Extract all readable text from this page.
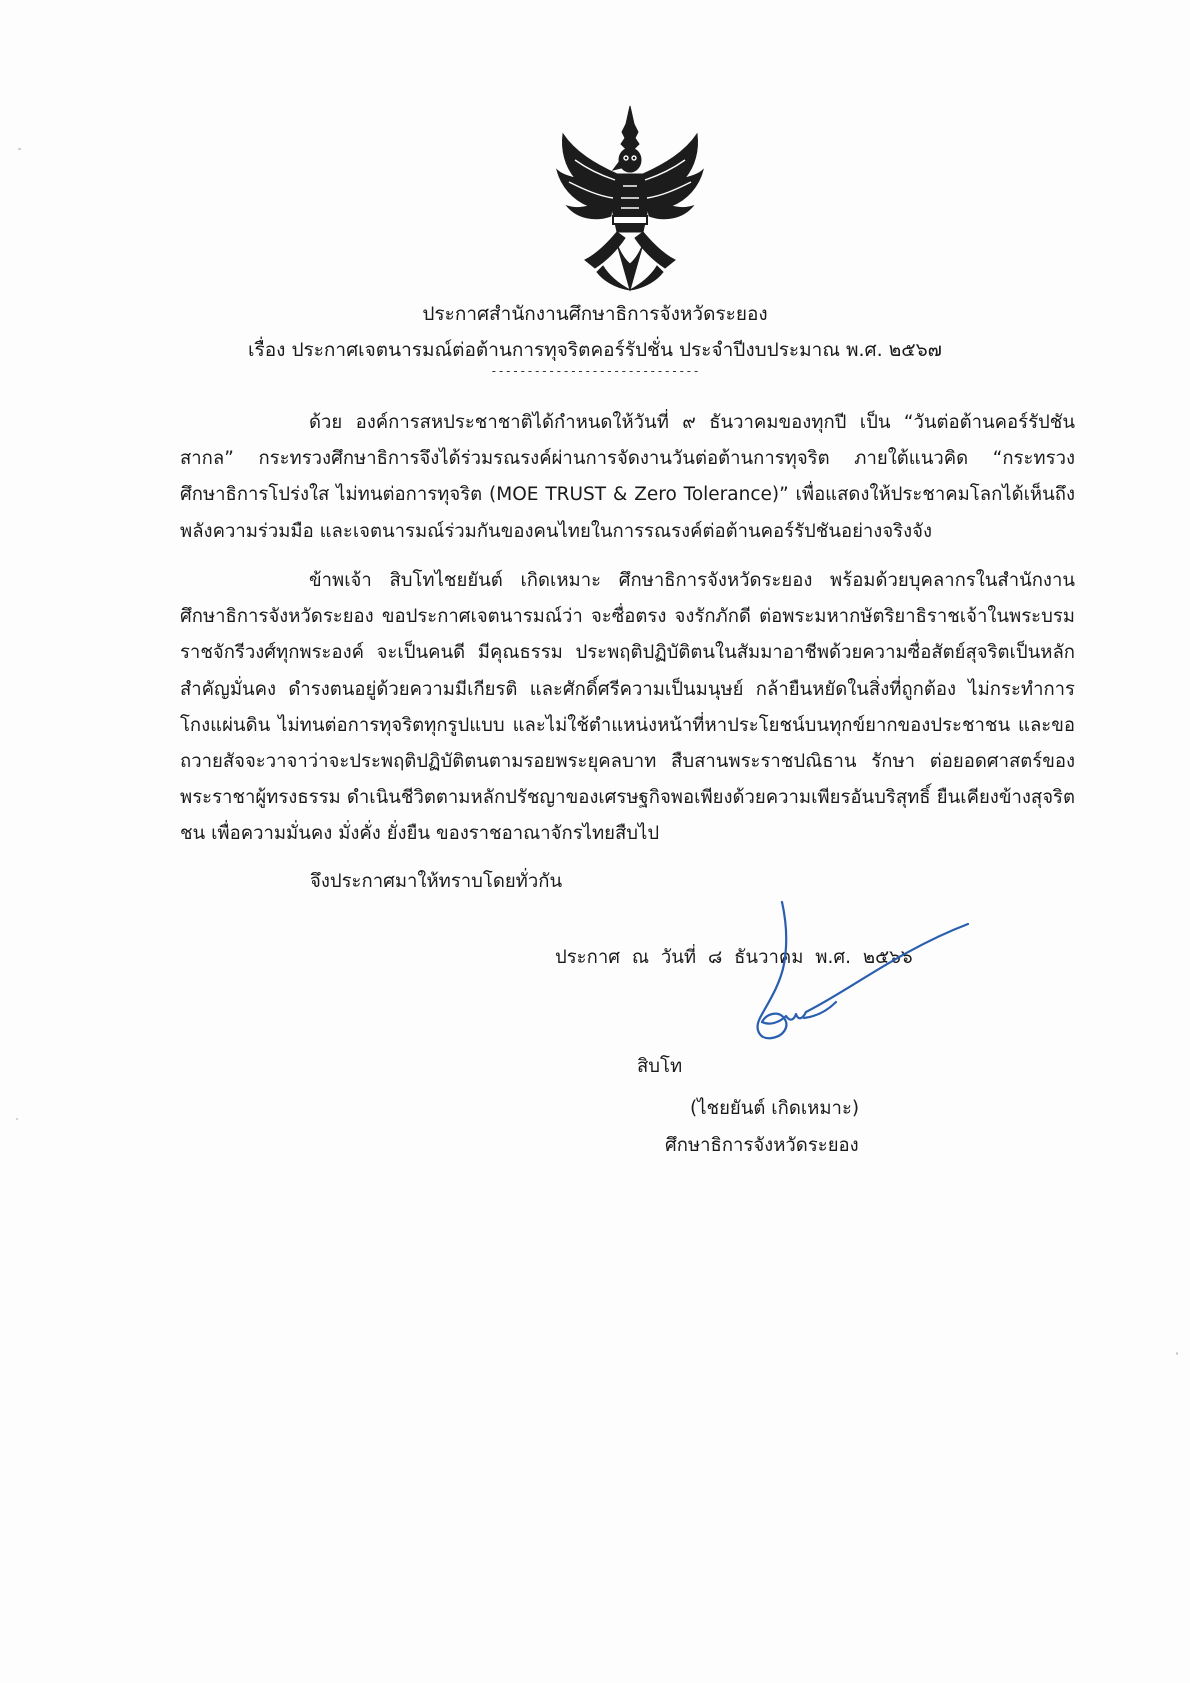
ประกาศสำนักงานศึกษาธิการจังหวัดระยอง
เรื่อง ประกาศเจตนารมณ์ต่อต้านการทุจริตคอร์รัปชั่น ประจำปีงบประมาณ พ.ศ. ๒๕๖๗
-----------------------------
ด้วย องค์การสหประชาชาติได้กำหนดให้วันที่ ๙ ธันวาคมของทุกปี เป็น “วันต่อต้านคอร์รัปชันสากล” กระทรวงศึกษาธิการจึงได้ร่วมรณรงค์ผ่านการจัดงานวันต่อต้านการทุจริต ภายใต้แนวคิด “กระทรวงศึกษาธิการโปร่งใส ไม่ทนต่อการทุจริต (MOE TRUST & Zero Tolerance)” เพื่อแสดงให้ประชาคมโลกได้เห็นถึงพลังความร่วมมือ และเจตนารมณ์ร่วมกันของคนไทยในการรณรงค์ต่อต้านคอร์รัปชันอย่างจริงจัง
ข้าพเจ้า สิบโทไชยยันต์ เกิดเหมาะ ศึกษาธิการจังหวัดระยอง พร้อมด้วยบุคลากรในสำนักงานศึกษาธิการจังหวัดระยอง ขอประกาศเจตนารมณ์ว่า จะซื่อตรง จงรักภักดี ต่อพระมหากษัตริยาธิราชเจ้าในพระบรมราชจักรีวงศ์ทุกพระองค์ จะเป็นคนดี มีคุณธรรม ประพฤติปฏิบัติตนในสัมมาอาชีพด้วยความซื่อสัตย์สุจริตเป็นหลักสำคัญมั่นคง ดำรงตนอยู่ด้วยความมีเกียรติ และศักดิ์ศรีความเป็นมนุษย์ กล้ายืนหยัดในสิ่งที่ถูกต้อง ไม่กระทำการโกงแผ่นดิน ไม่ทนต่อการทุจริตทุกรูปแบบ และไม่ใช้ตำแหน่งหน้าที่หาประโยชน์บนทุกข์ยากของประชาชน และขอถวายสัจจะวาจาว่าจะประพฤติปฏิบัติตนตามรอยพระยุคลบาท สืบสานพระราชปณิธาน รักษา ต่อยอดศาสตร์ของพระราชาผู้ทรงธรรม ดำเนินชีวิตตามหลักปรัชญาของเศรษฐกิจพอเพียงด้วยความเพียรอันบริสุทธิ์ ยืนเคียงข้างสุจริตชน เพื่อความมั่นคง มั่งคั่ง ยั่งยืน ของราชอาณาจักรไทยสืบไป
จึงประกาศมาให้ทราบโดยทั่วกัน
ประกาศ ณ วันที่ ๘ ธันวาคม พ.ศ. ๒๕๖๖
สิบโท
(ไชยยันต์ เกิดเหมาะ)
ศึกษาธิการจังหวัดระยอง
